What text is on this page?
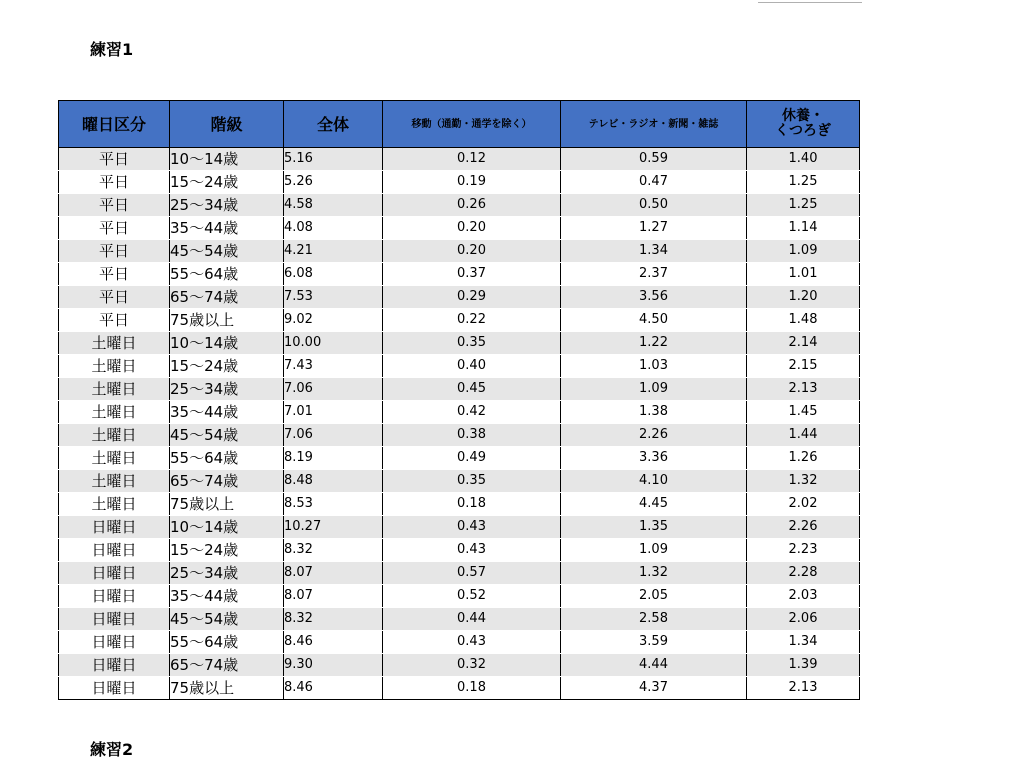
練習1
曜日区分	階級	全体	移動（通勤・通学を除く）	テレビ・ラジオ・新聞・雑誌	休養・
くつろぎ
平日	10～14歳	5.16	0.12	0.59	1.40
平日	15～24歳	5.26	0.19	0.47	1.25
平日	25～34歳	4.58	0.26	0.50	1.25
平日	35～44歳	4.08	0.20	1.27	1.14
平日	45～54歳	4.21	0.20	1.34	1.09
平日	55～64歳	6.08	0.37	2.37	1.01
平日	65～74歳	7.53	0.29	3.56	1.20
平日	75歳以上	9.02	0.22	4.50	1.48
土曜日	10～14歳	10.00	0.35	1.22	2.14
土曜日	15～24歳	7.43	0.40	1.03	2.15
土曜日	25～34歳	7.06	0.45	1.09	2.13
土曜日	35～44歳	7.01	0.42	1.38	1.45
土曜日	45～54歳	7.06	0.38	2.26	1.44
土曜日	55～64歳	8.19	0.49	3.36	1.26
土曜日	65～74歳	8.48	0.35	4.10	1.32
土曜日	75歳以上	8.53	0.18	4.45	2.02
日曜日	10～14歳	10.27	0.43	1.35	2.26
日曜日	15～24歳	8.32	0.43	1.09	2.23
日曜日	25～34歳	8.07	0.57	1.32	2.28
日曜日	35～44歳	8.07	0.52	2.05	2.03
日曜日	45～54歳	8.32	0.44	2.58	2.06
日曜日	55～64歳	8.46	0.43	3.59	1.34
日曜日	65～74歳	9.30	0.32	4.44	1.39
日曜日	75歳以上	8.46	0.18	4.37	2.13
練習2
